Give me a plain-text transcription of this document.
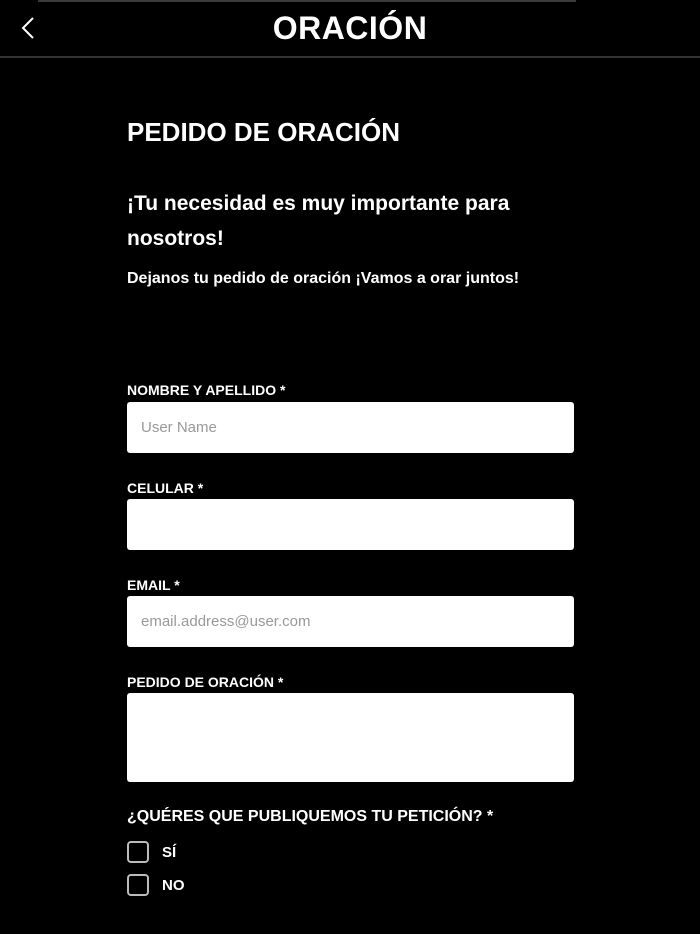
ORACIÓN
PEDIDO DE ORACIÓN
¡Tu necesidad es muy importante para nosotros!
Dejanos tu pedido de oración ¡Vamos a orar juntos!
NOMBRE Y APELLIDO *
User Name
CELULAR *
EMAIL *
email.address@user.com
PEDIDO DE ORACIÓN *
¿QUÉRES QUE PUBLIQUEMOS TU PETICIÓN? *
SÍ
NO
